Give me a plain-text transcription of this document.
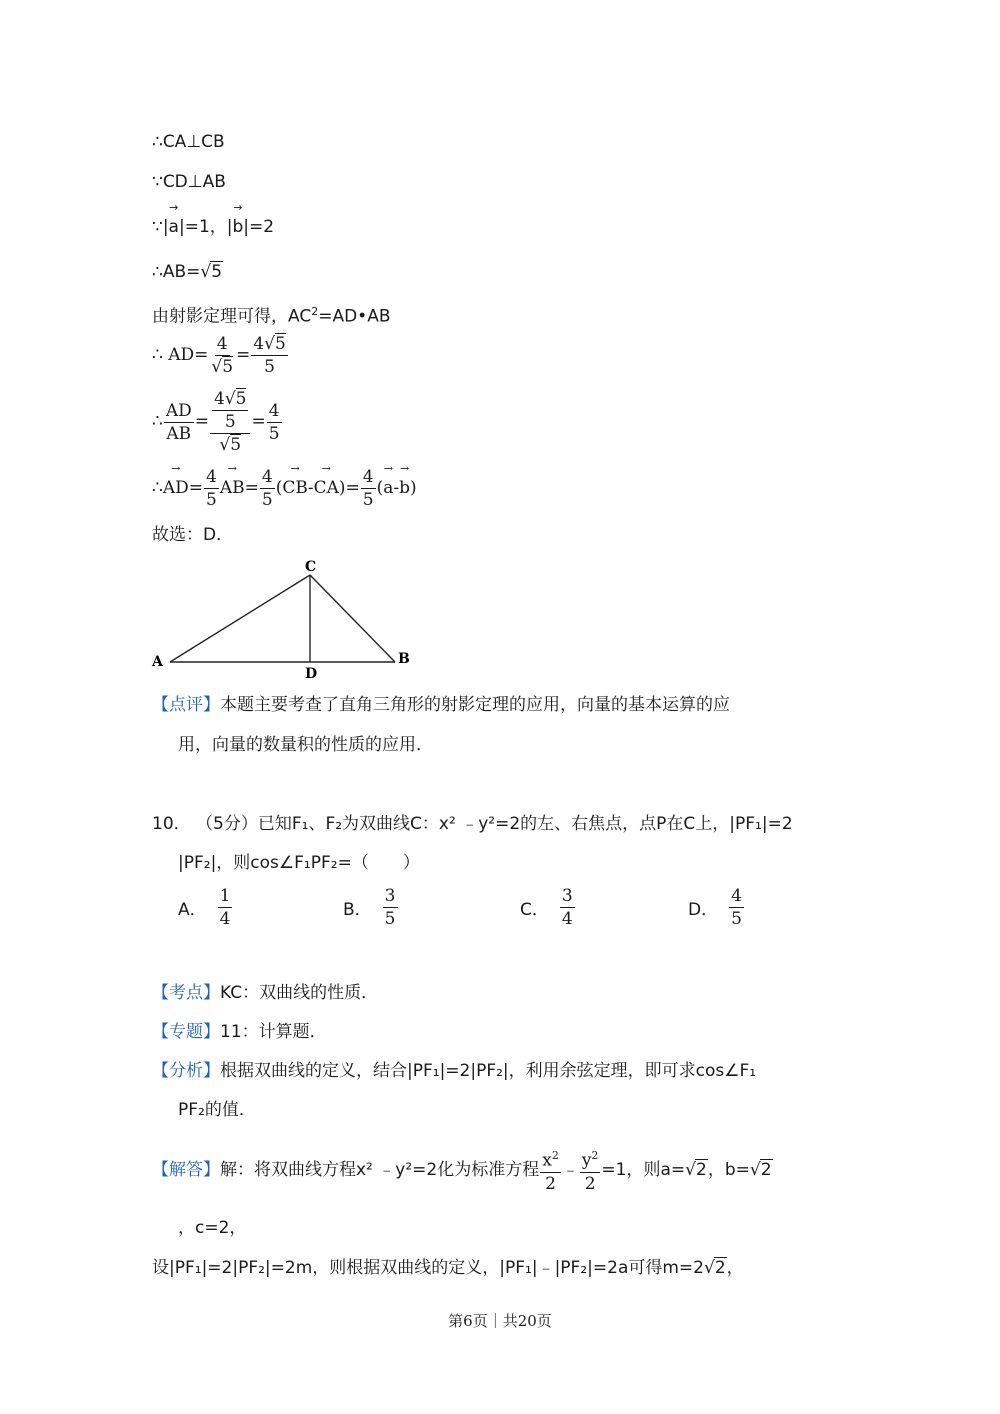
∴CA⊥CB
∵CD⊥AB
∵|→ a|=1，|→ b|=2
∴AB=√5
由射影定理可得，$AC^2=AD•AB$
∴ $AD= \frac{4}{√5} = \frac{4√5}{5}$
∴ $\frac{AD}{AB} = \frac{\frac{4√5}{5}}{√5} = \frac{4}{5}$
∴→ $AD= \frac{4}{5}$
→ $AB= \frac{4}{5}$ (→ $CB-\to CA)= \frac{4}{5}$ (→ a-→ b)
故选：D．
A	B
C
D
【点评】本题主要考查了直角三角形的射影定理的应用，向量的基本运算的应
用，向量的数量积的性质的应用．
10． （5分）已知F₁、F₂为双曲线C：x² ﹣y²=2的左、右焦点，点P在C上，|PF₁|=2
|PF₂|，则cos∠F₁PF₂=（　　）
A． $\frac{1}{4}$	B． $\frac{3}{5}$	C． $\frac{3}{4}$	D． $\frac{4}{5}$
【考点】KC：双曲线的性质．
【专题】11：计算题．
【分析】根据双曲线的定义，结合|PF₁|=2|PF₂|，利用余弦定理，即可求cos∠F₁
PF₂的值．
【解答】解：将双曲线方程x² ﹣y²=2化为标准方程 $\frac{x^2}{2}$ ﹣ $\frac{y^2}{2} =1$，则a=√2，b=√2
，c=2，
设|PF₁|=2|PF₂|=2m，则根据双曲线的定义，|PF₁|﹣|PF₂|=2a可得m=2√2，
第6页｜共20页
